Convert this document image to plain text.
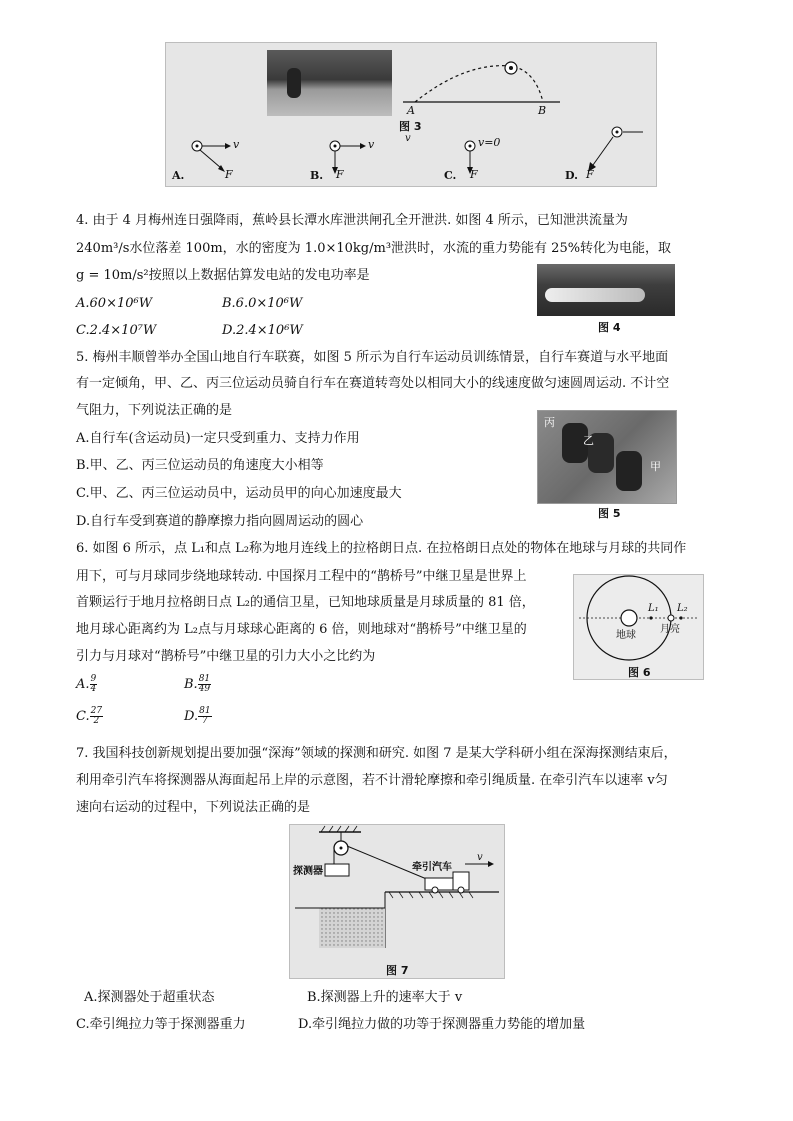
A	B
图 3
v
A.	F
v
B. F
v
C. F
v=0
D. F
4. 由于 4 月梅州连日强降雨，蕉岭县长潭水库泄洪闸孔全开泄洪. 如图 4 所示，已知泄洪流量为
240m³/s水位落差 100m，水的密度为 1.0×10kg/m³泄洪时，水流的重力势能有 25%转化为电能，取
g = 10m/s²按照以上数据估算发电站的发电功率是
A.60×10⁶W	B.6.0×10⁶W
C.2.4×10⁷W	D.2.4×10⁶W	图 4
5. 梅州丰顺曾举办全国山地自行车联赛，如图 5 所示为自行车运动员训练情景，自行车赛道与水平地面
有一定倾角，甲、乙、丙三位运动员骑自行车在赛道转弯处以相同大小的线速度做匀速圆周运动. 不计空
气阻力，下列说法正确的是
A.自行车(含运动员)一定只受到重力、支持力作用
B.甲、乙、丙三位运动员的角速度大小相等
C.甲、乙、丙三位运动员中，运动员甲的向心加速度最大
D.自行车受到赛道的静摩擦力指向圆周运动的圆心
丙
乙
甲
图 5
6. 如图 6 所示，点 L₁和点 L₂称为地月连线上的拉格朗日点. 在拉格朗日点处的物体在地球与月球的共同作
用下，可与月球同步绕地球转动. 中国探月工程中的“鹊桥号”中继卫星是世界上
首颗运行于地月拉格朗日点 L₂的通信卫星，已知地球质量是月球质量的 81 倍，
地月球心距离约为 L₂点与月球球心距离的 6 倍，则地球对“鹊桥号”中继卫星的
引力与月球对“鹊桥号”中继卫星的引力大小之比约为
A. $\frac{9}{4}$	B. $\frac{81}{49}$
C. $\frac{27}{2}$	D. $\frac{81}{7}$
地球
月亮
L₁ L₂
图 6
7. 我国科技创新规划提出要加强“深海”领域的探测和研究. 如图 7 是某大学科研小组在深海探测结束后，
利用牵引汽车将探测器从海面起吊上岸的示意图，若不计滑轮摩擦和牵引绳质量. 在牵引汽车以速率 v匀
速向右运动的过程中，下列说法正确的是
探测器	牵引汽车
v
图 7
A.探测器处于超重状态	B.探测器上升的速率大于 v
C.牵引绳拉力等于探测器重力	D.牵引绳拉力做的功等于探测器重力势能的增加量
